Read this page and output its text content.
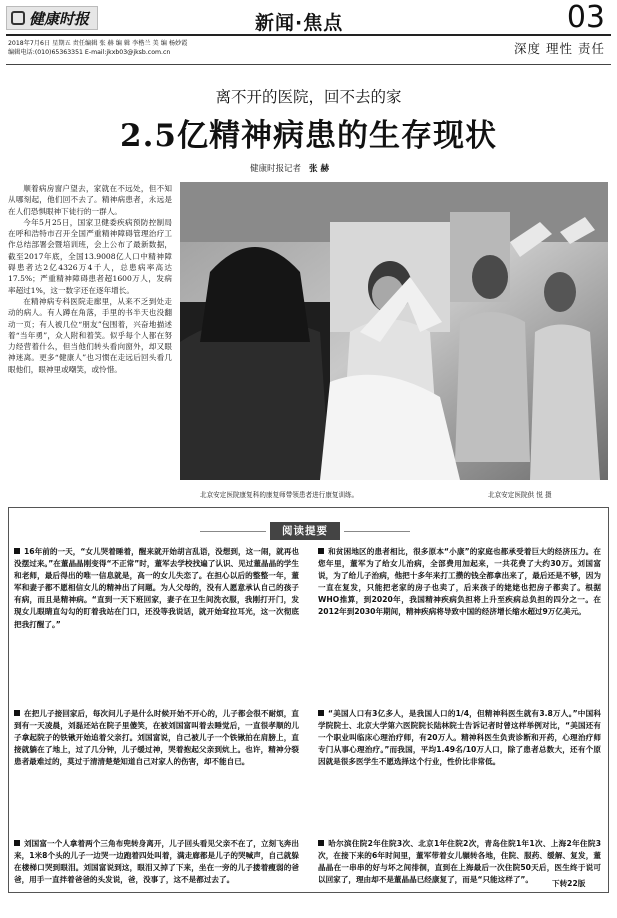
健康时报	新闻·焦点	03
2018年7月6日 星期五 责任编辑 张 赫 编 辑 李楷兰 美 编 杨妙霞
编辑电话:(010)65363351 E-mail:jkxb03@jksb.com.cn	深度 理性 责任
离不开的医院，回不去的家
2.5亿精神病患的生存现状
健康时报记者 张 赫

顺着病房窗户望去，家就在不远处，但不知从哪刻起，他们回不去了。精神病患者，永远是在人们恐惧眼神下徒行的一群人。

今年5月25日，国家卫健委疾病预防控制局在呼和浩特市召开全国严重精神障碍管理治疗工作总结部署会暨培训班，会上公布了最新数据，截至2017年底，全国13.9008亿人口中精神障碍患者达2亿4326万4千人，总患病率高达17.5%；严重精神障碍患者超1600万人，发病率超过1%，这一数字还在逐年增长。

在精神病专科医院走廊里，从来不乏到处走动的病人。有人蹲在角落，手里的书半天也没翻动一页；有人被几位“朋友”包围着，兴奋地描述着“当年勇”，众人附和着笑。似乎每个人都在努力经营着什么，但当他们转头看向窗外，却又眼神迷离。更多“健康人”也习惯在走远后回头看几眼他们，眼神里或嘲笑，或怜惜。

北京安定医院康复科的康复师带领患者进行康复训练。	北京安定医院供 悦 摄
阅读提要
16年前的一天，“女儿哭着睡着，醒来就开始胡言乱语，没想到，这一闹，就再也没摆过来。”在董晶晶刚变得“不正常”时，董军去学校找遍了认识、见过董晶晶的学生和老师，最后得出的唯一信息就是，高一的女儿失恋了。在担心以后的整整一年，董军和妻子都不愿相信女儿的精神出了问题。为人父母的，没有人愿意承认自己的孩子有病，而且是精神病。“直到一天下班回家，妻子在卫生间洗衣服，我刚打开门，发现女儿眼睛直勾勾的盯着我站在门口，还没等我说话，就开始耷拉耳光，这一次彻底把我打醒了。”
在把儿子接回家后，每次问儿子是什么时候开始不开心的，儿子都会很不耐烦，直到有一天凌晨，刘磊还站在院子里傻笑，在被刘国富叫着去睡觉后，一直很孝顺的儿子拿起院子的铁锹开始追着父亲打。刘国富说，自己被儿子一个铁锹拍在肩膀上，直接就躺在了地上，过了几分钟，儿子缓过神，哭着抱起父亲到炕上。也许，精神分裂患者最难过的，莫过于清清楚楚知道自己对家人的伤害，却不能自已。
刘国富一个人拿着两个三角布兜转身离开，儿子回头看见父亲不在了，立刻飞奔出来，1米8个头的儿子一边哭一边跑着四处叫着，满走廊都是儿子的哭喊声，自己就躲在楼梯口哭到眼泪。刘国富说到这，眼泪又掉了下来，坐在一旁的儿子搂着瘦弱的爸爸，用手一直拌着爸爸的头发说，爸，没事了，这不是都过去了。
和贫困地区的患者相比，很多原本“小康”的家庭也都承受着巨大的经济压力。在您年里，董军为了给女儿治病，全部费用加起来，一共花费了大约30万。刘国富说，为了给儿子治病，他把十多年来打工攒的钱全都拿出来了，最后还是不够，因为一直在复发，只能把老家的房子也卖了，后来孩子的姥姥也把房子都卖了。根据WHO推算，到2020年，我国精神疾病负担将上升至疾病总负担的四分之一。在2012年到2030年期间，精神疾病将导致中国的经济增长缩水超过9万亿美元。
“美国人口有3亿多人，是我国人口的1/4，但精神科医生就有3.8万人。”中国科学院院士、北京大学第六医院院长陆林院士告诉记者时曾这样举例对比，“美国还有一个职业叫临床心理治疗师，有20万人。精神科医生负责诊断和开药，心理治疗师专门从事心理治疗。”而我国，平均1.49名/10万人口，除了患者总数大，还有个原因就是很多医学生不愿选择这个行业，性价比非常低。
哈尔滨住院2年住院3次、北京1年住院2次，青岛住院1年1次、上海2年住院3次，在接下来的6年时间里，董军带着女儿辗转各地，住院、服药、缓解、复发，董晶晶在一串串的好与坏之间徘徊，直到在上海最后一次住院50天后，医生终于说可以回家了，理由却不是董晶晶已经康复了，而是“只能这样了”。	下转22版
